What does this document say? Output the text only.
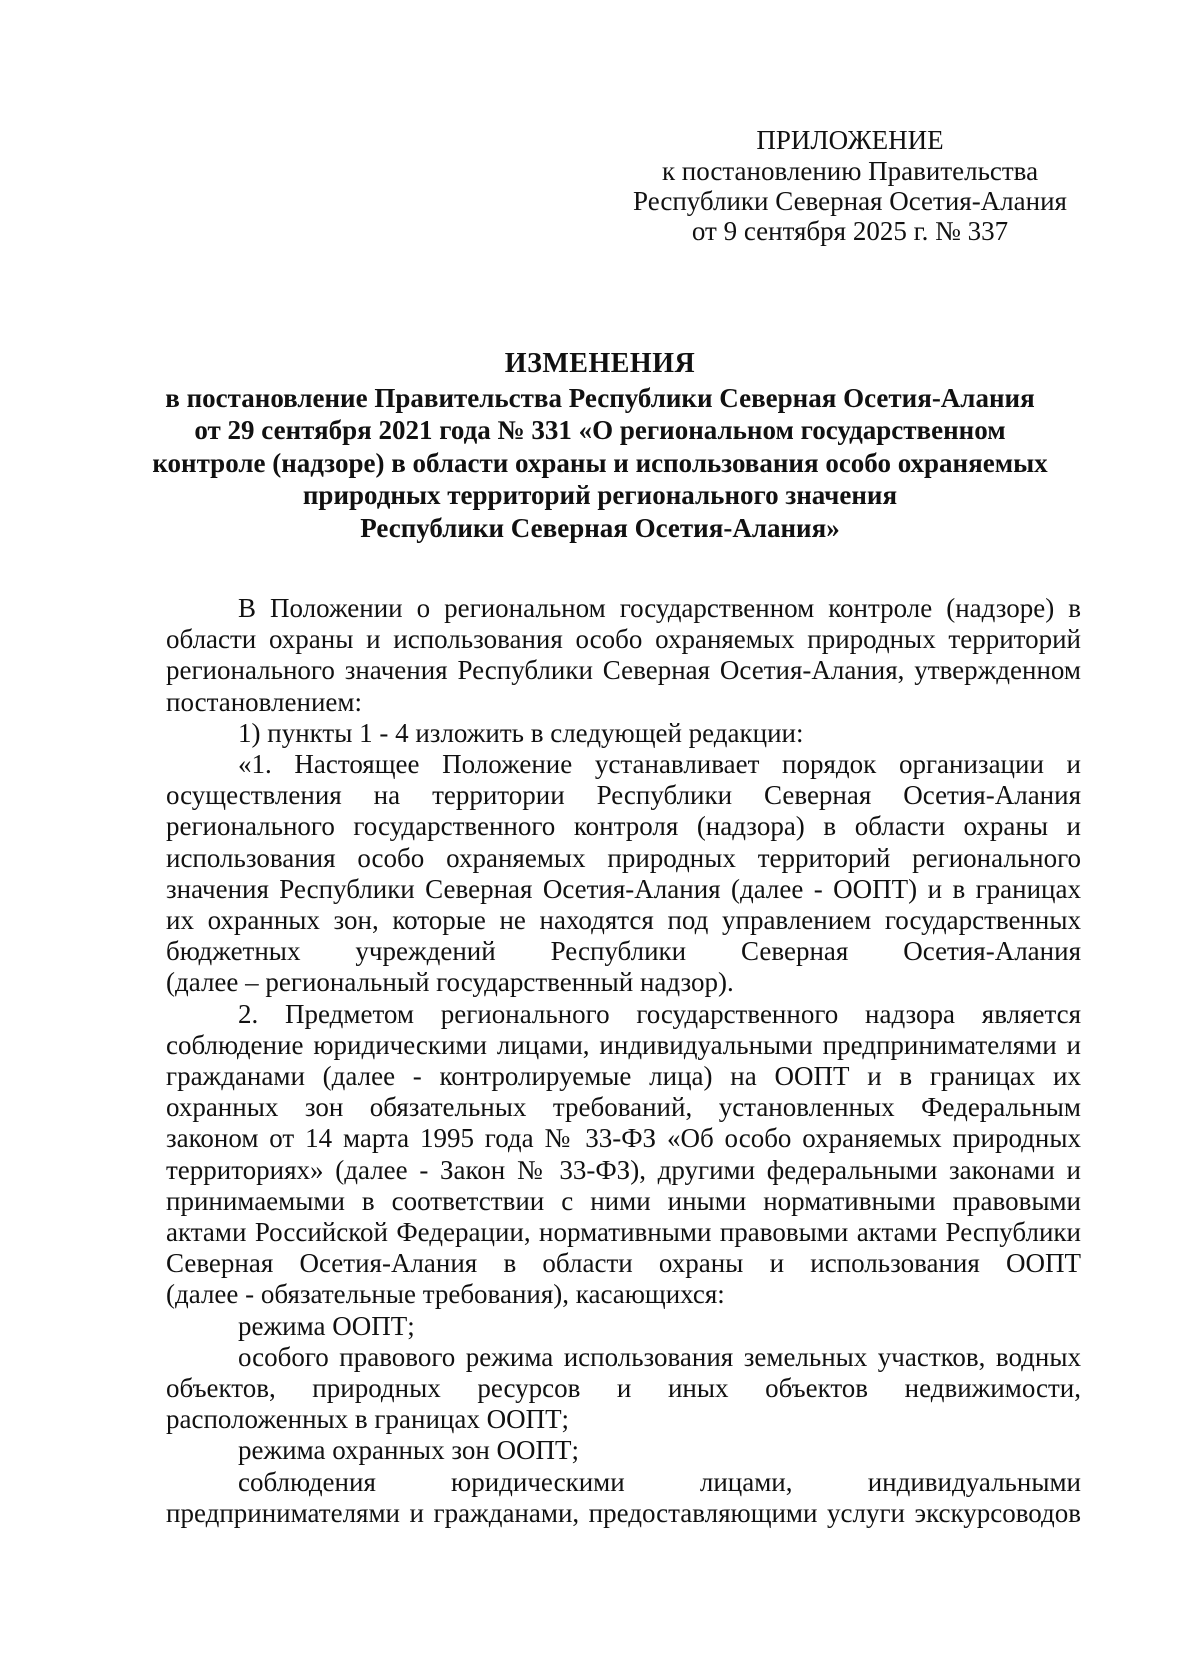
ПРИЛОЖЕНИЕ
к постановлению Правительства
Республики Северная Осетия-Алания
от 9 сентября 2025 г. № 337
ИЗМЕНЕНИЯ
в постановление Правительства Республики Северная Осетия-Алания
от 29 сентября 2021 года № 331 «О региональном государственном
контроле (надзоре) в области охраны и использования особо охраняемых
природных территорий регионального значения
Республики Северная Осетия-Алания»
В Положении о региональном государственном контроле (надзоре) в
области охраны и использования особо охраняемых природных территорий
регионального значения Республики Северная Осетия-Алания, утвержденном
постановлением:
1) пункты 1 - 4 изложить в следующей редакции:
«1. Настоящее Положение устанавливает порядок организации и
осуществления на территории Республики Северная Осетия-Алания
регионального государственного контроля (надзора) в области охраны и
использования особо охраняемых природных территорий регионального
значения Республики Северная Осетия-Алания (далее - ООПТ) и в границах
их охранных зон, которые не находятся под управлением государственных
бюджетных учреждений Республики Северная Осетия-Алания
(далее – региональный государственный надзор).
2. Предметом регионального государственного надзора является
соблюдение юридическими лицами, индивидуальными предпринимателями и
гражданами (далее - контролируемые лица) на ООПТ и в границах их
охранных зон обязательных требований, установленных Федеральным
законом от 14 марта 1995 года № 33-ФЗ «Об особо охраняемых природных
территориях» (далее - Закон № 33-ФЗ), другими федеральными законами и
принимаемыми в соответствии с ними иными нормативными правовыми
актами Российской Федерации, нормативными правовыми актами Республики
Северная Осетия-Алания в области охраны и использования ООПТ
(далее - обязательные требования), касающихся:
режима ООПТ;
особого правового режима использования земельных участков, водных
объектов, природных ресурсов и иных объектов недвижимости,
расположенных в границах ООПТ;
режима охранных зон ООПТ;
соблюдения юридическими лицами, индивидуальными
предпринимателями и гражданами, предоставляющими услуги экскурсоводов
